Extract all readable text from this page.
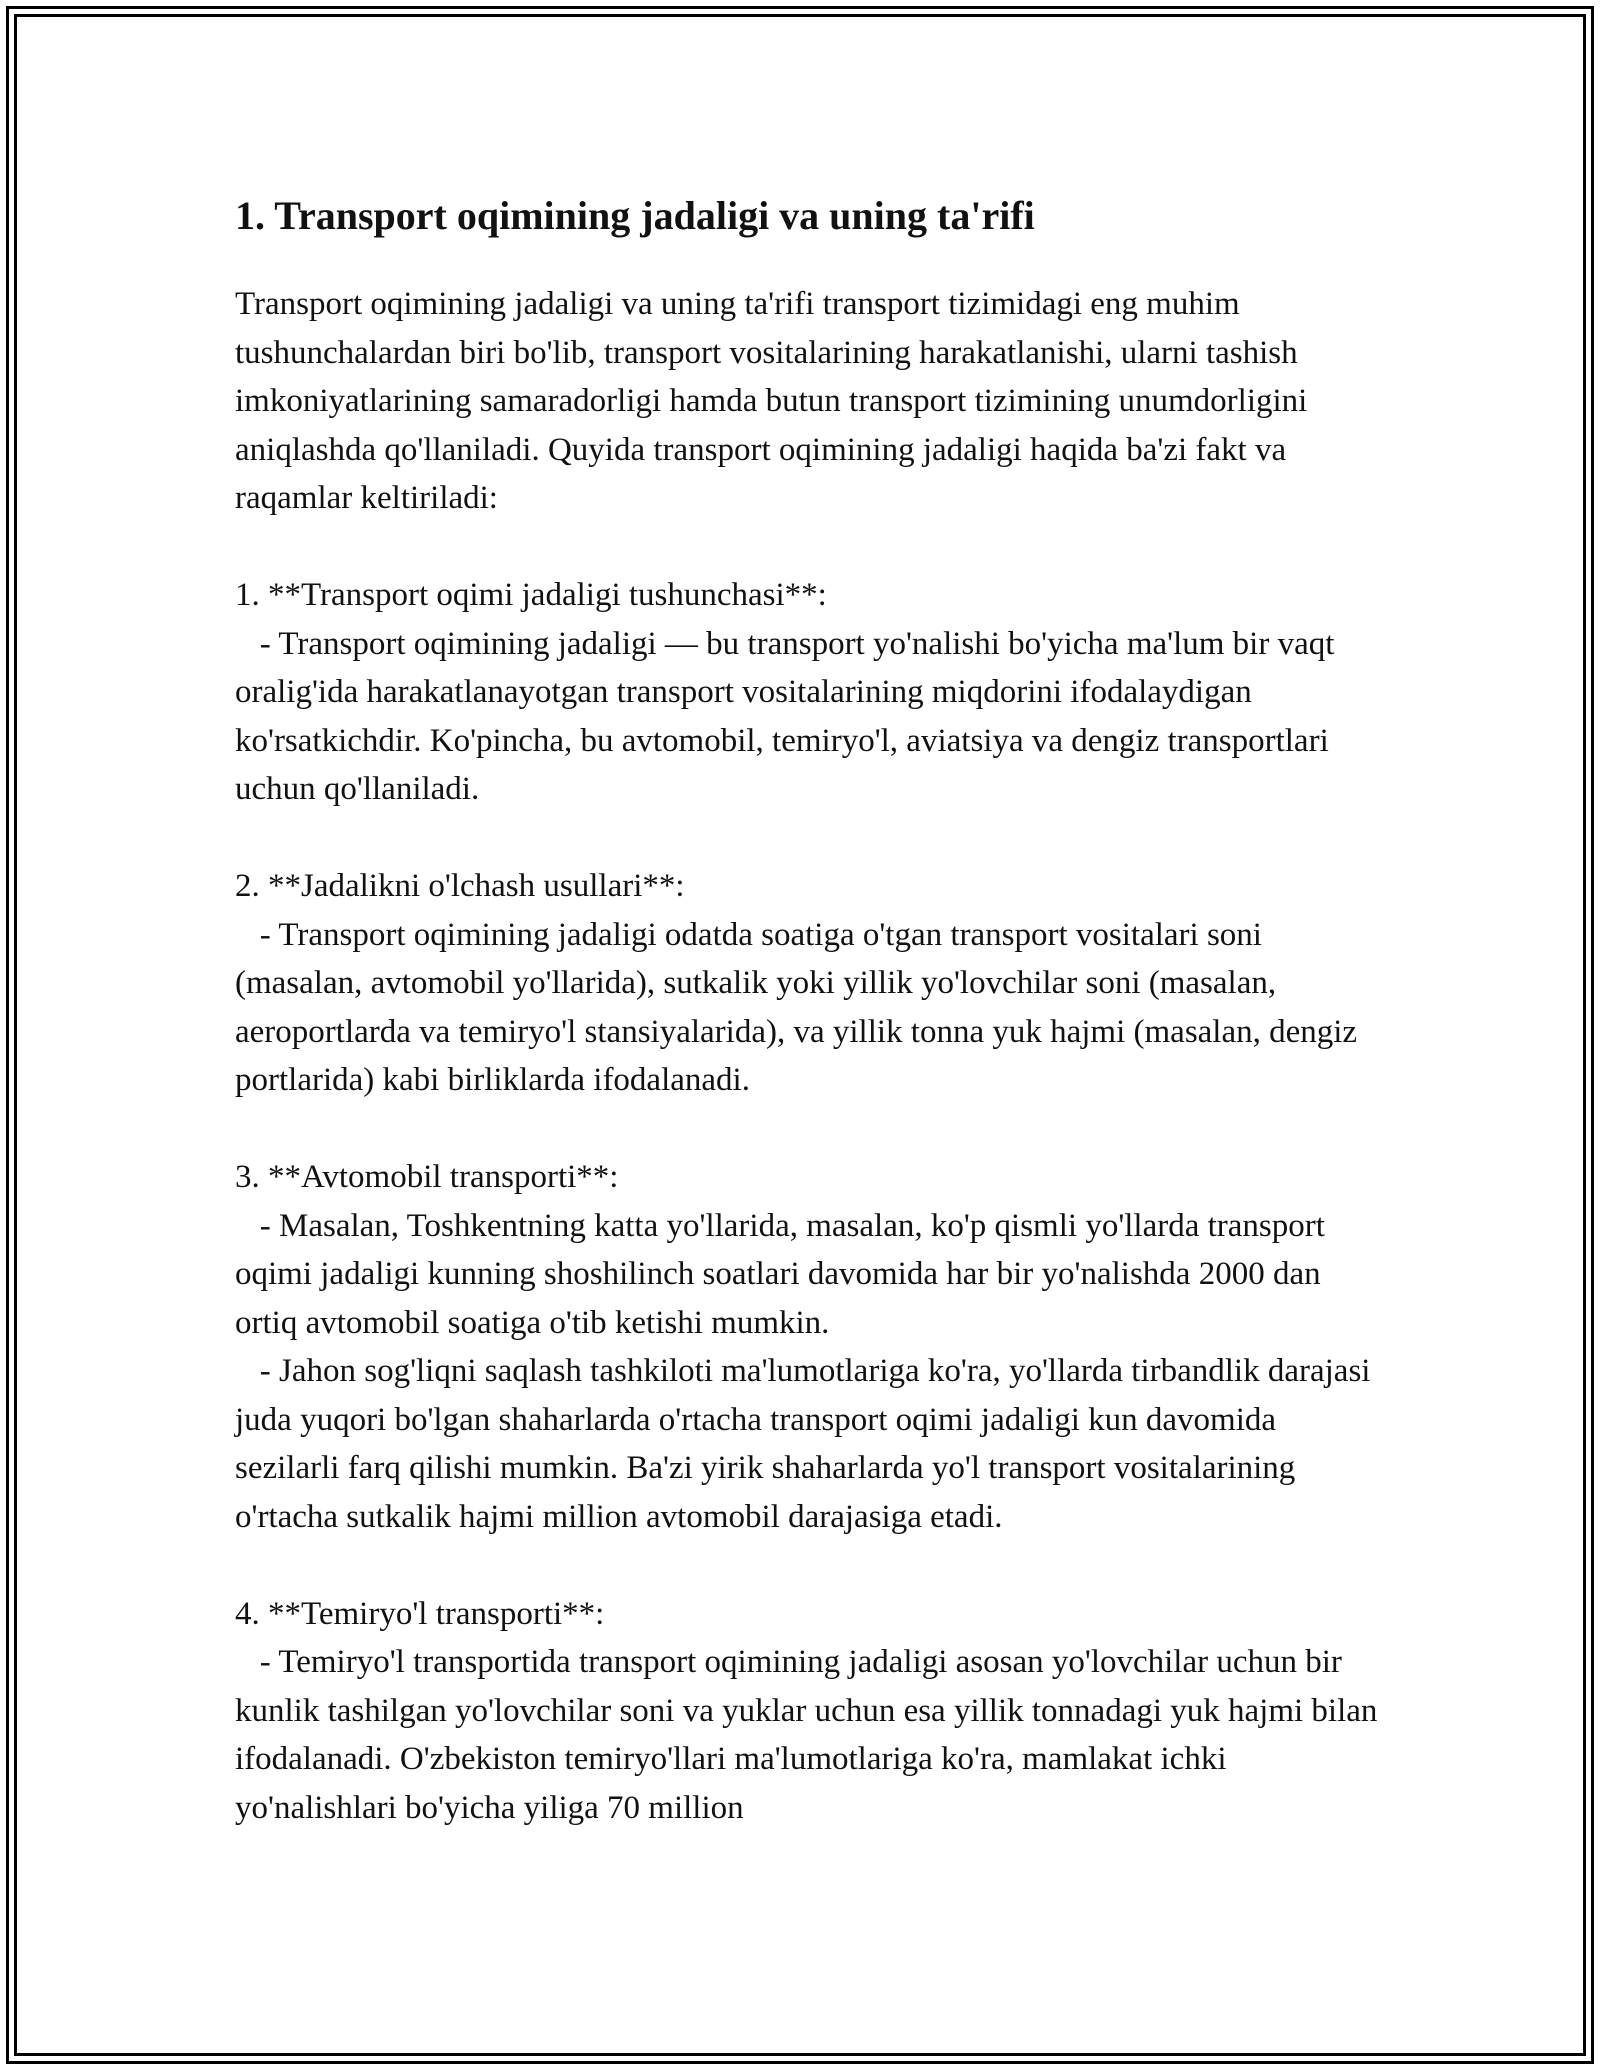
1. Transport oqimining jadaligi va uning ta'rifi

Transport oqimining jadaligi va uning ta'rifi transport tizimidagi eng muhim tushunchalardan biri bo'lib, transport vositalarining harakatlanishi, ularni tashish imkoniyatlarining samaradorligi hamda butun transport tizimining unumdorligini aniqlashda qo'llaniladi. Quyida transport oqimining jadaligi haqida ba'zi fakt va raqamlar keltiriladi:

1. **Transport oqimi jadaligi tushunchasi**:
- Transport oqimining jadaligi — bu transport yo'nalishi bo'yicha ma'lum bir vaqt oralig'ida harakatlanayotgan transport vositalarining miqdorini ifodalaydigan ko'rsatkichdir. Ko'pincha, bu avtomobil, temiryo'l, aviatsiya va dengiz transportlari uchun qo'llaniladi.
2. **Jadalikni o'lchash usullari**:
- Transport oqimining jadaligi odatda soatiga o'tgan transport vositalari soni (masalan, avtomobil yo'llarida), sutkalik yoki yillik yo'lovchilar soni (masalan, aeroportlarda va temiryo'l stansiyalarida), va yillik tonna yuk hajmi (masalan, dengiz portlarida) kabi birliklarda ifodalanadi.
3. **Avtomobil transporti**:
- Masalan, Toshkentning katta yo'llarida, masalan, ko'p qismli yo'llarda transport oqimi jadaligi kunning shoshilinch soatlari davomida har bir yo'nalishda 2000 dan ortiq avtomobil soatiga o'tib ketishi mumkin.
- Jahon sog'liqni saqlash tashkiloti ma'lumotlariga ko'ra, yo'llarda tirbandlik darajasi juda yuqori bo'lgan shaharlarda o'rtacha transport oqimi jadaligi kun davomida sezilarli farq qilishi mumkin. Ba'zi yirik shaharlarda yo'l transport vositalarining o'rtacha sutkalik hajmi million avtomobil darajasiga etadi.
4. **Temiryo'l transporti**:
- Temiryo'l transportida transport oqimining jadaligi asosan yo'lovchilar uchun bir kunlik tashilgan yo'lovchilar soni va yuklar uchun esa yillik tonnadagi yuk hajmi bilan ifodalanadi. O'zbekiston temiryo'llari ma'lumotlariga ko'ra, mamlakat ichki yo'nalishlari bo'yicha yiliga 70 million
